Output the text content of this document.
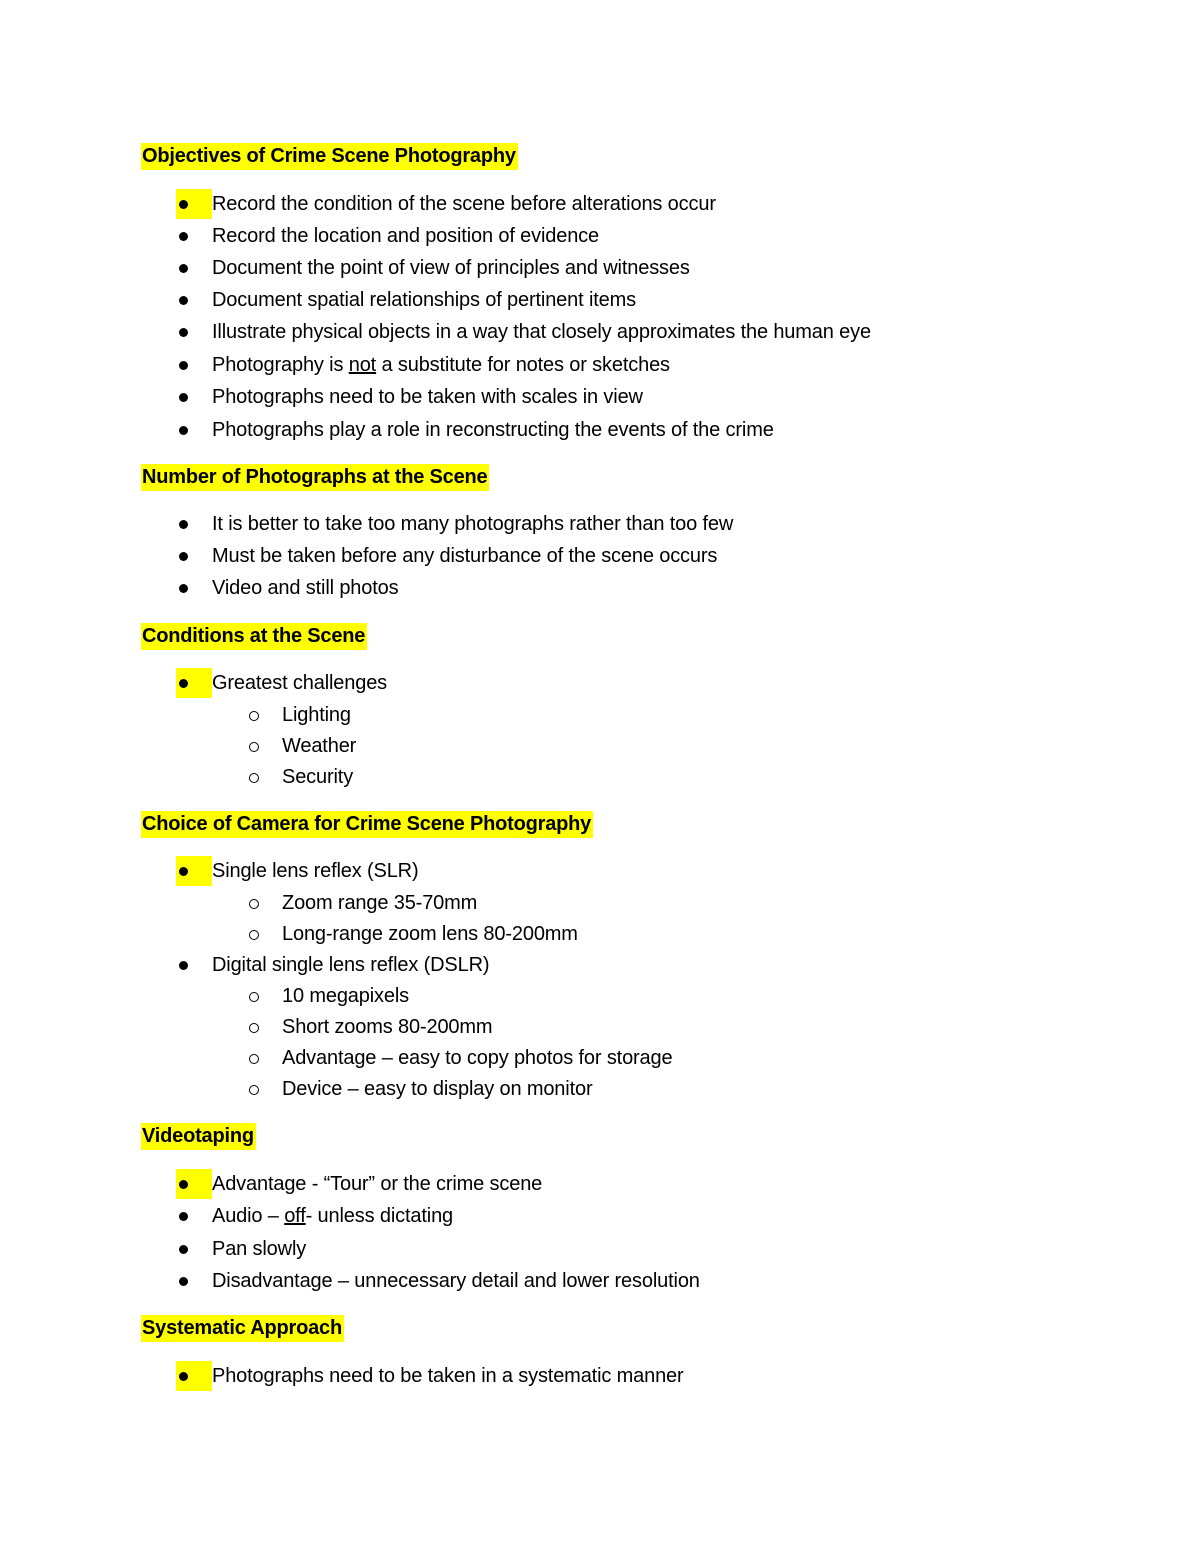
Objectives of Crime Scene Photography
Record the condition of the scene before alterations occur
Record the location and position of evidence
Document the point of view of principles and witnesses
Document spatial relationships of pertinent items
Illustrate physical objects in a way that closely approximates the human eye
Photography is not a substitute for notes or sketches
Photographs need to be taken with scales in view
Photographs play a role in reconstructing the events of the crime
Number of Photographs at the Scene
It is better to take too many photographs rather than too few
Must be taken before any disturbance of the scene occurs
Video and still photos
Conditions at the Scene
Greatest challenges
Lighting
Weather
Security
Choice of Camera for Crime Scene Photography
Single lens reflex (SLR)
Zoom range 35-70mm
Long-range zoom lens 80-200mm
Digital single lens reflex (DSLR)
10 megapixels
Short zooms 80-200mm
Advantage – easy to copy photos for storage
Device – easy to display on monitor
Videotaping
Advantage - “Tour” or the crime scene
Audio – off- unless dictating
Pan slowly
Disadvantage – unnecessary detail and lower resolution
Systematic Approach
Photographs need to be taken in a systematic manner
